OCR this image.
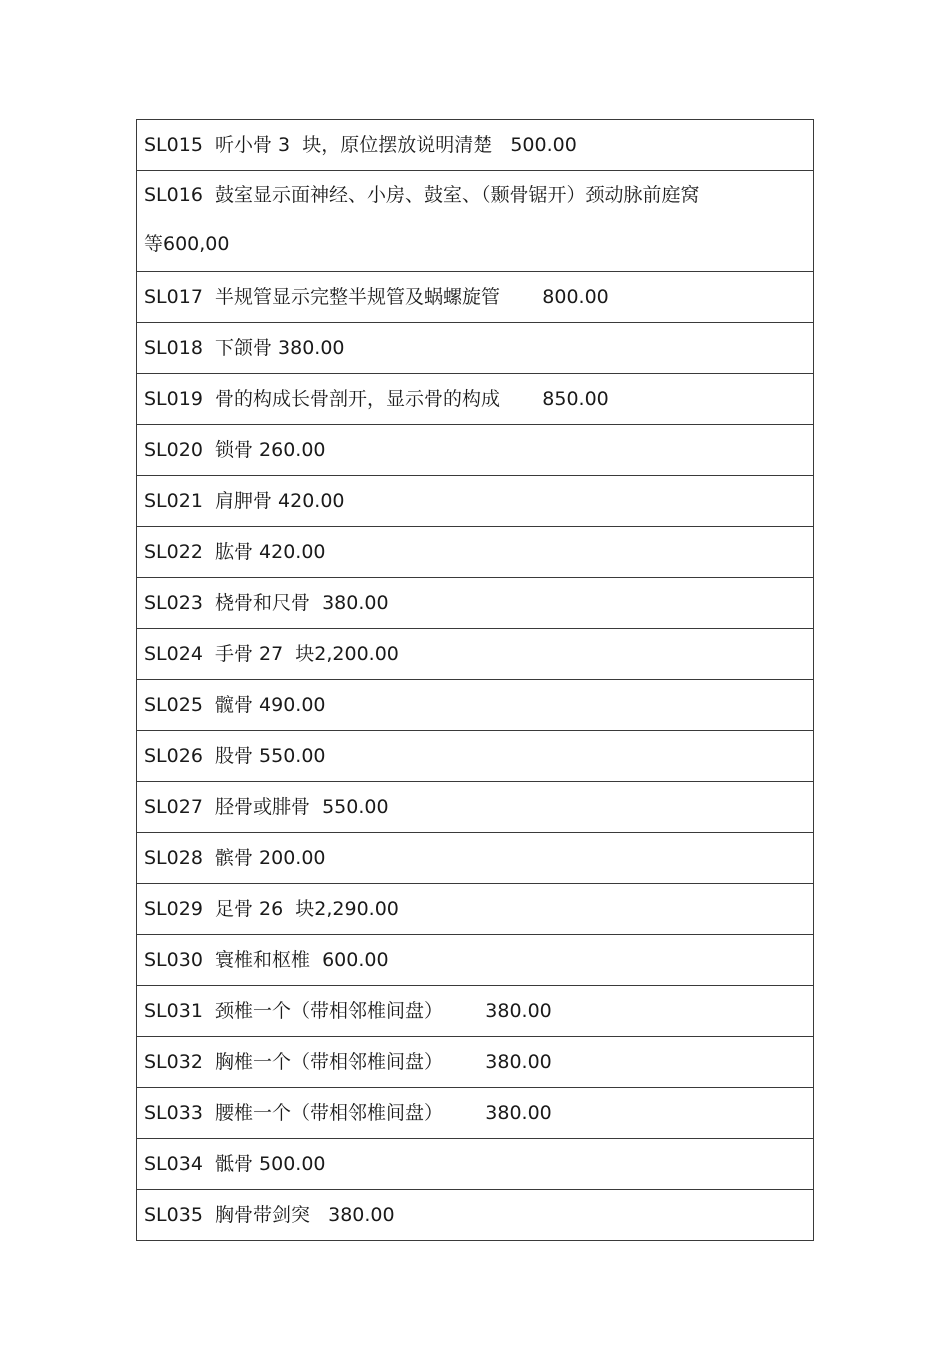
SL015  听小骨 3  块，原位摆放说明清楚   500.00
SL016  鼓室显示面神经、小房、鼓室、（颞骨锯开）颈动脉前庭窝
等600,00
SL017  半规管显示完整半规管及蜗螺旋管       800.00
SL018  下颌骨 380.00
SL019  骨的构成长骨剖开，显示骨的构成       850.00
SL020  锁骨 260.00
SL021  肩胛骨 420.00
SL022  肱骨 420.00
SL023  桡骨和尺骨  380.00
SL024  手骨 27  块2,200.00
SL025  髋骨 490.00
SL026  股骨 550.00
SL027  胫骨或腓骨  550.00
SL028  髌骨 200.00
SL029  足骨 26  块2,290.00
SL030  寰椎和枢椎  600.00
SL031  颈椎一个（带相邻椎间盘）       380.00
SL032  胸椎一个（带相邻椎间盘）       380.00
SL033  腰椎一个（带相邻椎间盘）       380.00
SL034  骶骨 500.00
SL035  胸骨带剑突   380.00
